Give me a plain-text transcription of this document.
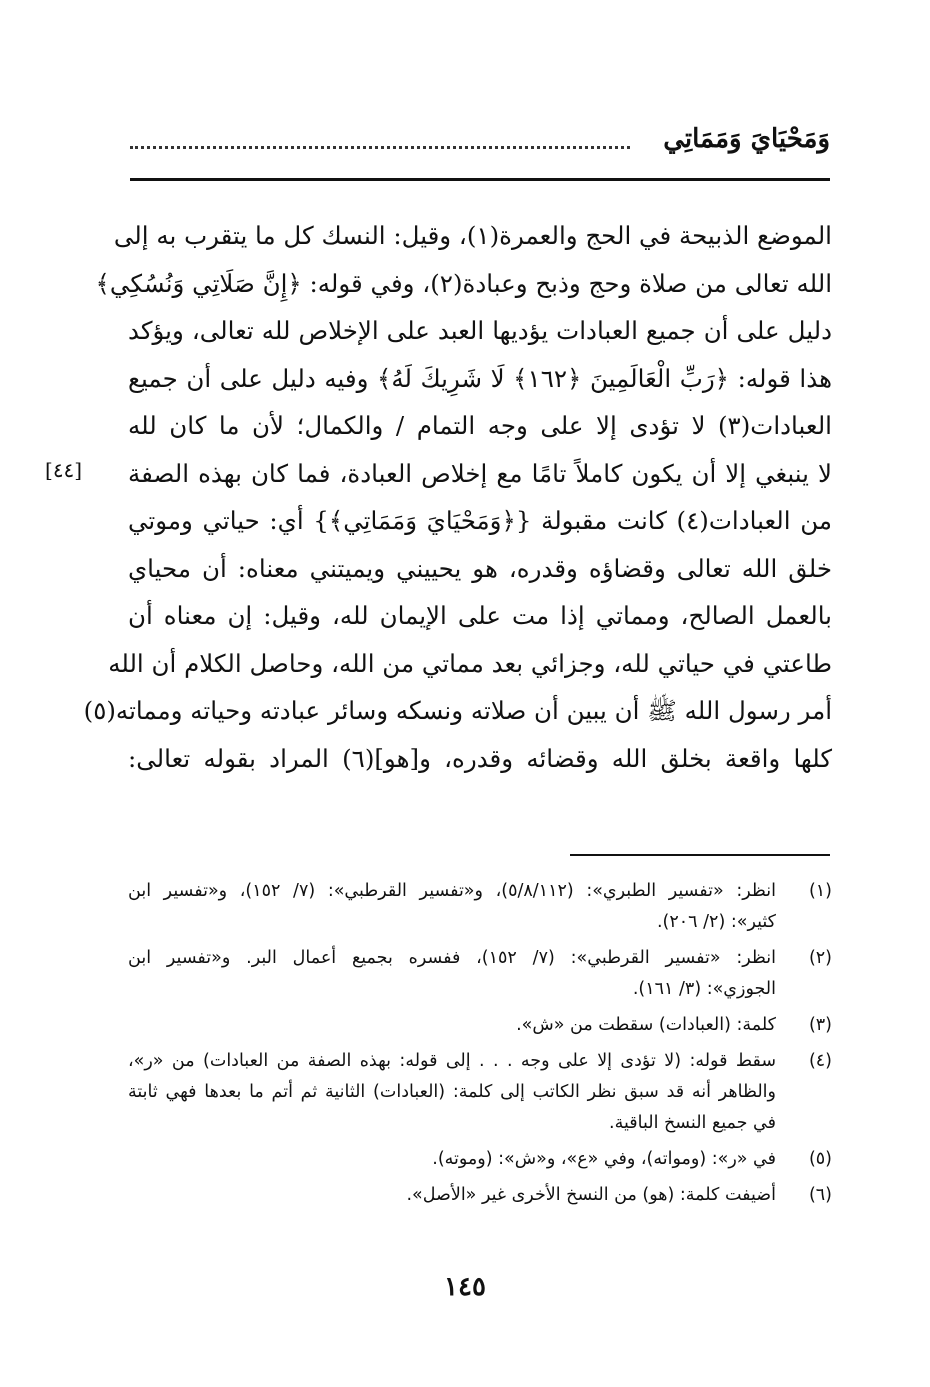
وَمَحْيَايَ وَمَمَاتِي
الموضع الذبيحة في الحج والعمرة(١)، وقيل: النسك كل ما يتقرب به إلى
الله تعالى من صلاة وحج وذبح وعبادة(٢)، وفي قوله: ﴿إِنَّ صَلَاتِي وَنُسُكِي﴾
دليل على أن جميع العبادات يؤديها العبد على الإخلاص لله تعالى، ويؤكد
هذا قوله: ﴿رَبِّ الْعَالَمِينَ ﴿١٦٢﴾ لَا شَرِيكَ لَهُ﴾ وفيه دليل على أن جميع
العبادات(٣) لا تؤدى إلا على وجه التمام / والكمال؛ لأن ما كان لله
لا ينبغي إلا أن يكون كاملاً تامًا مع إخلاص العبادة، فما كان بهذه الصفة
من العبادات(٤) كانت مقبولة {﴿وَمَحْيَايَ وَمَمَاتِي﴾} أي: حياتي وموتي
خلق الله تعالى وقضاؤه وقدره، هو يحييني ويميتني معناه: أن محياي
بالعمل الصالح، ومماتي إذا مت على الإيمان لله، وقيل: إن معناه أن
طاعتي في حياتي لله، وجزائي بعد مماتي من الله، وحاصل الكلام أن الله
أمر رسول الله ﷺ أن يبين أن صلاته ونسكه وسائر عبادته وحياته ومماته(٥)
كلها واقعة بخلق الله وقضائه وقدره، و[هو](٦) المراد بقوله تعالى:
[٤٤]
(١)
انظر: «تفسير الطبري»: (٥/٨/١١٢)، و«تفسير القرطبي»: (٧/ ١٥٢)، و«تفسير ابن
كثير»: (٢/ ٢٠٦).
(٢)
انظر: «تفسير القرطبي»: (٧/ ١٥٢)، ففسره بجميع أعمال البر. و«تفسير ابن
الجوزي»: (٣/ ١٦١).
(٣)
كلمة: (العبادات) سقطت من «ش».
(٤)
سقط قوله: (لا تؤدى إلا على وجه . . . إلى قوله: بهذه الصفة من العبادات) من «ر»،
والظاهر أنه قد سبق نظر الكاتب إلى كلمة: (العبادات) الثانية ثم أتم ما بعدها فهي ثابتة
في جميع النسخ الباقية.
(٥)
في «ر»: (ومواته)، وفي «ع»، و«ش»: (وموته).
(٦)
أضيفت كلمة: (هو) من النسخ الأخرى غير «الأصل».
١٤٥
